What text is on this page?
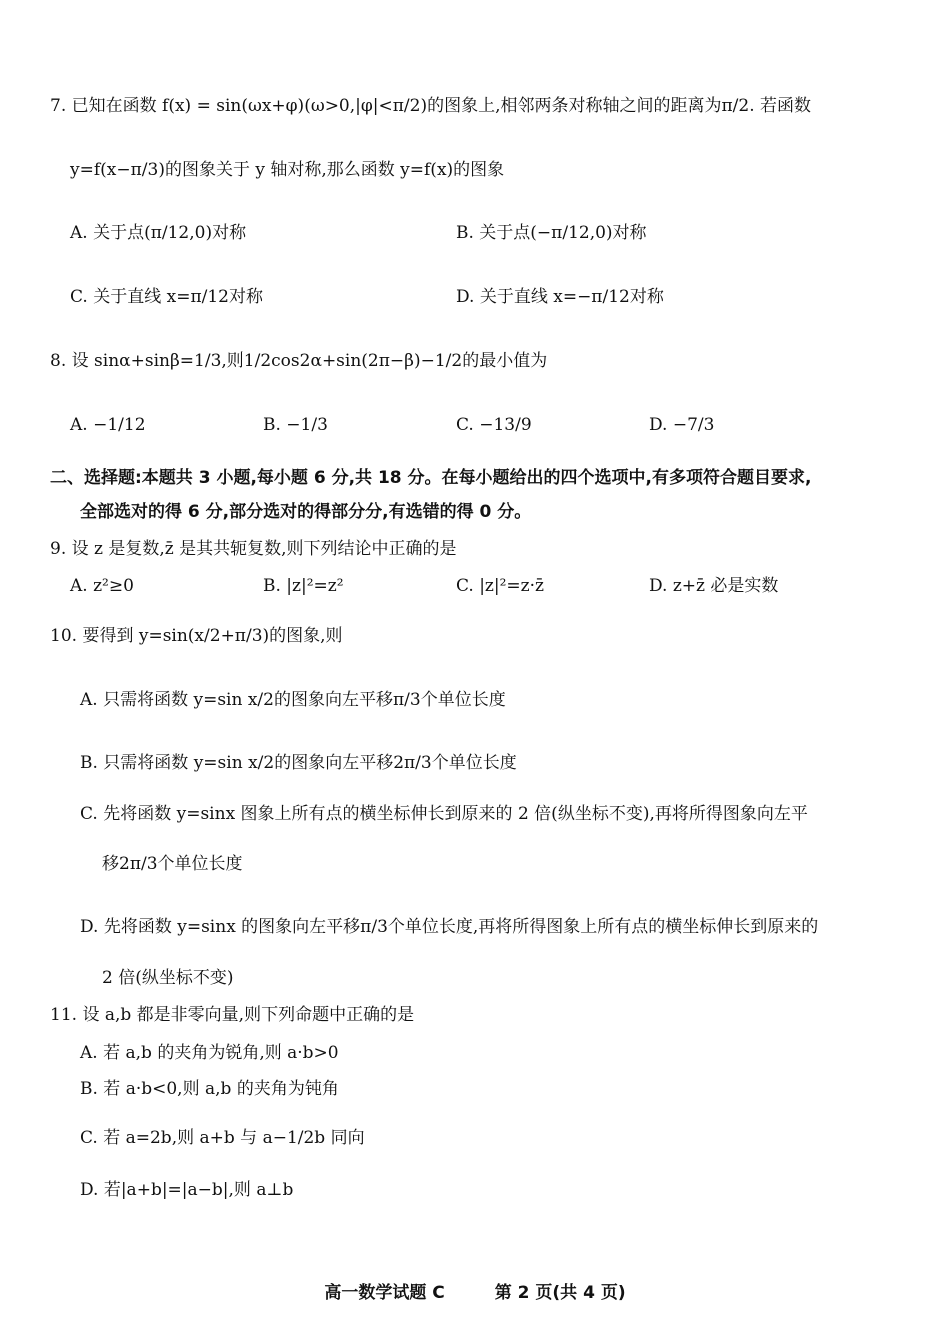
7. 已知在函数 f(x) = sin(ωx+φ)(ω>0,|φ|<π/2)的图象上,相邻两条对称轴之间的距离为π/2. 若函数
y=f(x−π/3)的图象关于 y 轴对称,那么函数 y=f(x)的图象
A. 关于点(π/12,0)对称	B. 关于点(−π/12,0)对称
C. 关于直线 x=π/12对称	D. 关于直线 x=−π/12对称
8. 设 sinα+sinβ=1/3,则1/2cos2α+sin(2π−β)−1/2的最小值为
A. −1/12	B. −1/3	C. −13/9	D. −7/3
二、选择题:本题共 3 小题,每小题 6 分,共 18 分。在每小题给出的四个选项中,有多项符合题目要求,
全部选对的得 6 分,部分选对的得部分分,有选错的得 0 分。
9. 设 z 是复数,z̄ 是其共轭复数,则下列结论中正确的是
A. z²≥0	B. |z|²=z²	C. |z|²=z·z̄	D. z+z̄ 必是实数
10. 要得到 y=sin(x/2+π/3)的图象,则
A. 只需将函数 y=sin x/2的图象向左平移π/3个单位长度
B. 只需将函数 y=sin x/2的图象向左平移2π/3个单位长度
C. 先将函数 y=sinx 图象上所有点的横坐标伸长到原来的 2 倍(纵坐标不变),再将所得图象向左平
移2π/3个单位长度
D. 先将函数 y=sinx 的图象向左平移π/3个单位长度,再将所得图象上所有点的横坐标伸长到原来的
2 倍(纵坐标不变)
11. 设 a,b 都是非零向量,则下列命题中正确的是
A. 若 a,b 的夹角为锐角,则 a·b>0
B. 若 a·b<0,则 a,b 的夹角为钝角
C. 若 a=2b,则 a+b 与 a−1/2b 同向
D. 若|a+b|=|a−b|,则 a⊥b
高一数学试题 C	第 2 页(共 4 页)
